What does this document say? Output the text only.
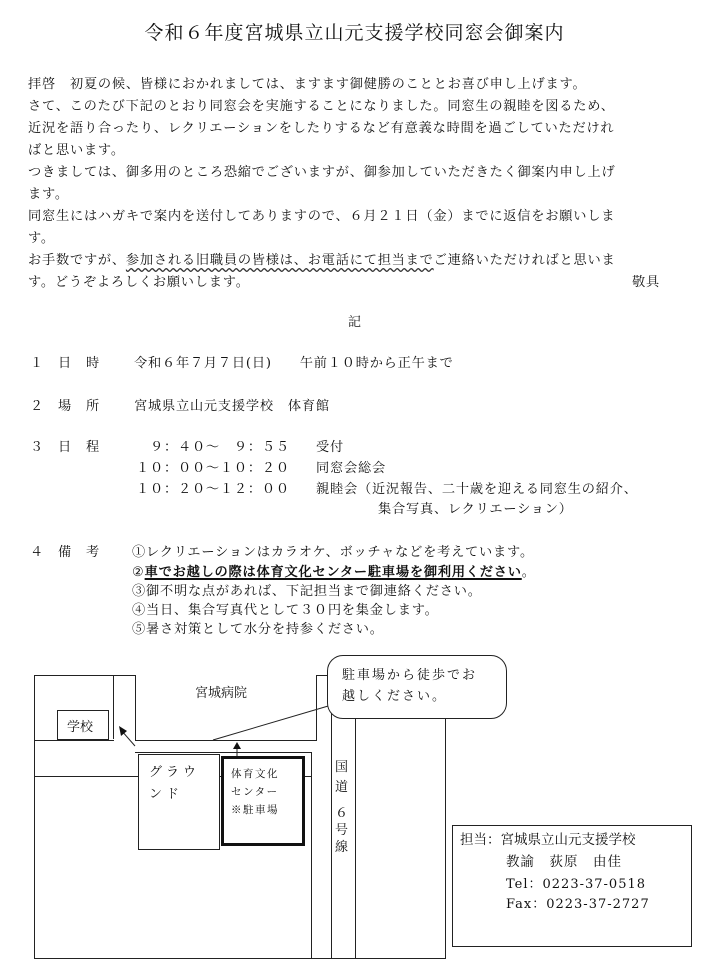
令和６年度宮城県立山元支援学校同窓会御案内
拝啓　初夏の候、皆様におかれましては、ますます御健勝のこととお喜び申し上げます。
さて、このたび下記のとおり同窓会を実施することになりました。同窓生の親睦を図るため、
近況を語り合ったり、レクリエーションをしたりするなど有意義な時間を過ごしていただけれ
ばと思います。
つきましては、御多用のところ恐縮でございますが、御参加していただきたく御案内申し上げ
ます。
同窓生にはハガキで案内を送付してありますので、６月２１日（金）までに返信をお願いしま
す。
お手数ですが、参加される旧職員の皆様は、お電話にて担当までご連絡いただければと思いま
す。どうぞよろしくお願いします。	敬具
記
１　日　時	令和６年７月７日(日)　　午前１０時から正午まで
２　場　所	宮城県立山元支援学校　体育館
３　日　程	　９：４０～　９：５５ 受付
１０：００～１０：２０ 同窓会総会
１０：２０～１２：００ 親睦会（近況報告、二十歳を迎える同窓生の紹介、
集合写真、レクリエーション）
４　備　考 ①レクリエーションはカラオケ、ボッチャなどを考えています。
②車でお越しの際は体育文化センター駐車場を御利用ください。
③御不明な点があれば、下記担当まで御連絡ください。
④当日、集合写真代として３０円を集金します。
⑤暑さ対策として水分を持参ください。
宮城病院
学校
グラウ
ンド
体育文化
センター
※駐車場
国
道
６
号
線
駐車場から徒歩でお
越しください。
担当：宮城県立山元支援学校
教諭　荻原　由佳
Tel：0223-37-0518
Fax：0223-37-2727
